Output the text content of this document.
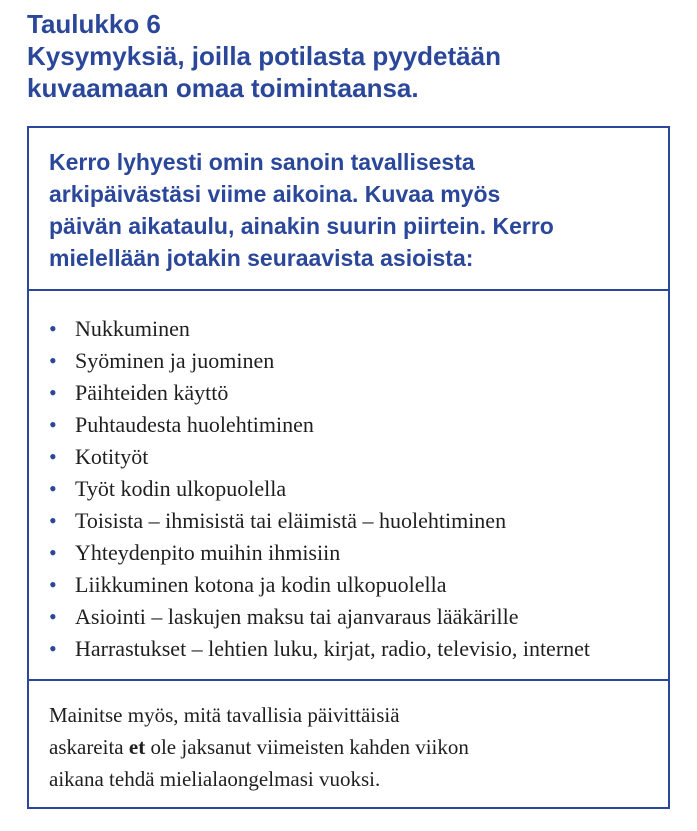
Taulukko 6
Kysymyksiä, joilla potilasta pyydetään
kuvaamaan omaa toimintaansa.
Kerro lyhyesti omin sanoin tavallisesta
arkipäivästäsi viime aikoina. Kuvaa myös
päivän aikataulu, ainakin suurin piirtein. Kerro
mielellään jotakin seuraavista asioista:
• Nukkuminen
• Syöminen ja juominen
• Päihteiden käyttö
• Puhtaudesta huolehtiminen
• Kotityöt
• Työt kodin ulkopuolella
• Toisista – ihmisistä tai eläimistä – huolehtiminen
• Yhteydenpito muihin ihmisiin
• Liikkuminen kotona ja kodin ulkopuolella
• Asiointi – laskujen maksu tai ajanvaraus lääkärille
• Harrastukset – lehtien luku, kirjat, radio, televisio, internet
Mainitse myös, mitä tavallisia päivittäisiä
askareita et ole jaksanut viimeisten kahden viikon
aikana tehdä mielialaongelmasi vuoksi.
